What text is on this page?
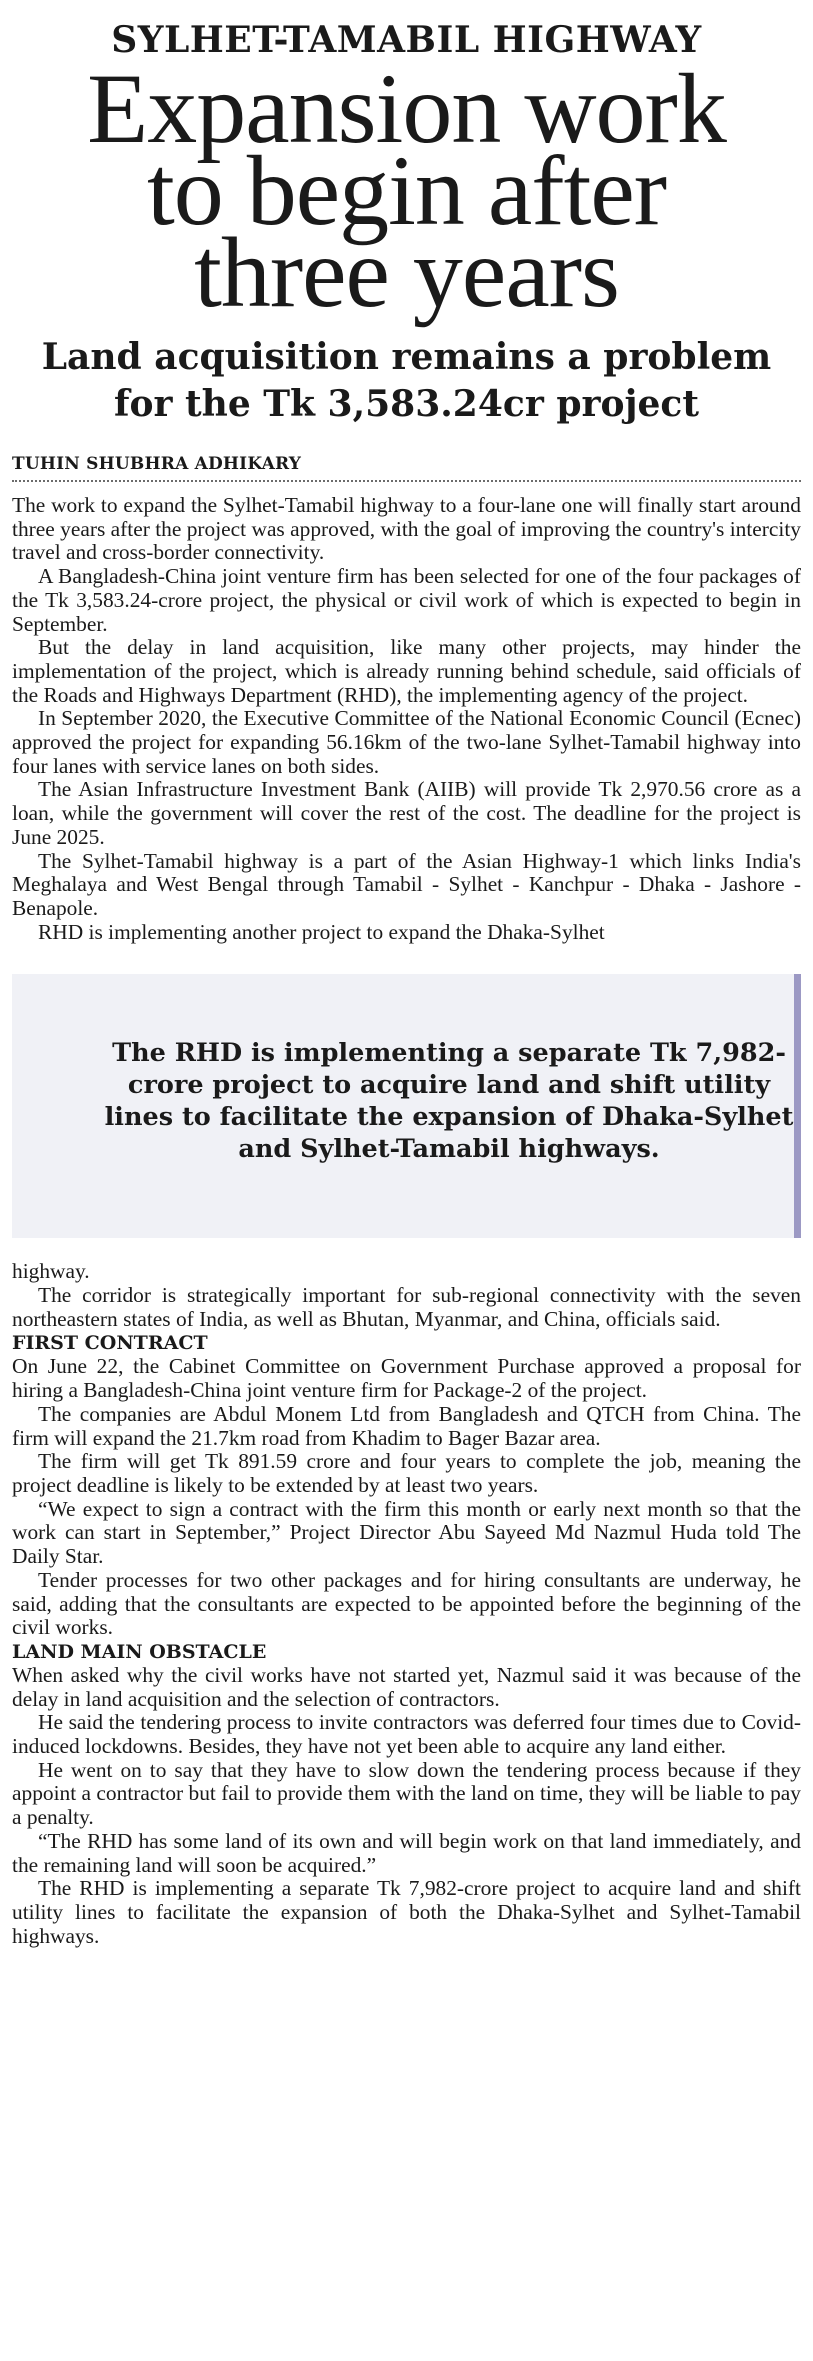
SYLHET-TAMABIL HIGHWAY
Expansion work
to begin after
three years
Land acquisition remains a problem
for the Tk 3,583.24cr project
TUHIN SHUBHRA ADHIKARY

The work to expand the Sylhet-Tamabil highway to a four-lane one will finally start around three years after the project was approved, with the goal of improving the country's intercity travel and cross-border connectivity.

A Bangladesh-China joint venture firm has been selected for one of the four packages of the Tk 3,583.24-crore project, the physical or civil work of which is expected to begin in September.

But the delay in land acquisition, like many other projects, may hinder the implementation of the project, which is already running behind schedule, said officials of the Roads and Highways Department (RHD), the implementing agency of the project.

In September 2020, the Executive Committee of the National Economic Council (Ecnec) approved the project for expanding 56.16km of the two-lane Sylhet-Tamabil highway into four lanes with service lanes on both sides.

The Asian Infrastructure Investment Bank (AIIB) will provide Tk 2,970.56 crore as a loan, while the government will cover the rest of the cost. The deadline for the project is June 2025.

The Sylhet-Tamabil highway is a part of the Asian Highway-1 which links India's Meghalaya and West Bengal through Tamabil - Sylhet - Kanchpur - Dhaka - Jashore - Benapole.

RHD is implementing another project to expand the Dhaka-Sylhet

The RHD is implementing a separate Tk 7,982-crore project to acquire land and shift utility lines to facilitate the expansion of Dhaka-Sylhet and Sylhet-Tamabil highways.

highway.

The corridor is strategically important for sub-regional connectivity with the seven northeastern states of India, as well as Bhutan, Myanmar, and China, officials said.

FIRST CONTRACT

On June 22, the Cabinet Committee on Government Purchase approved a proposal for hiring a Bangladesh-China joint venture firm for Package-2 of the project.

The companies are Abdul Monem Ltd from Bangladesh and QTCH from China. The firm will expand the 21.7km road from Khadim to Bager Bazar area.

The firm will get Tk 891.59 crore and four years to complete the job, meaning the project deadline is likely to be extended by at least two years.

“We expect to sign a contract with the firm this month or early next month so that the work can start in September,” Project Director Abu Sayeed Md Nazmul Huda told The Daily Star.

Tender processes for two other packages and for hiring consultants are underway, he said, adding that the consultants are expected to be appointed before the beginning of the civil works.

LAND MAIN OBSTACLE

When asked why the civil works have not started yet, Nazmul said it was because of the delay in land acquisition and the selection of contractors.

He said the tendering process to invite contractors was deferred four times due to Covid-induced lockdowns. Besides, they have not yet been able to acquire any land either.

He went on to say that they have to slow down the tendering process because if they appoint a contractor but fail to provide them with the land on time, they will be liable to pay a penalty.

“The RHD has some land of its own and will begin work on that land immediately, and the remaining land will soon be acquired.”

The RHD is implementing a separate Tk 7,982-crore project to acquire land and shift utility lines to facilitate the expansion of both the Dhaka-Sylhet and Sylhet-Tamabil highways.
